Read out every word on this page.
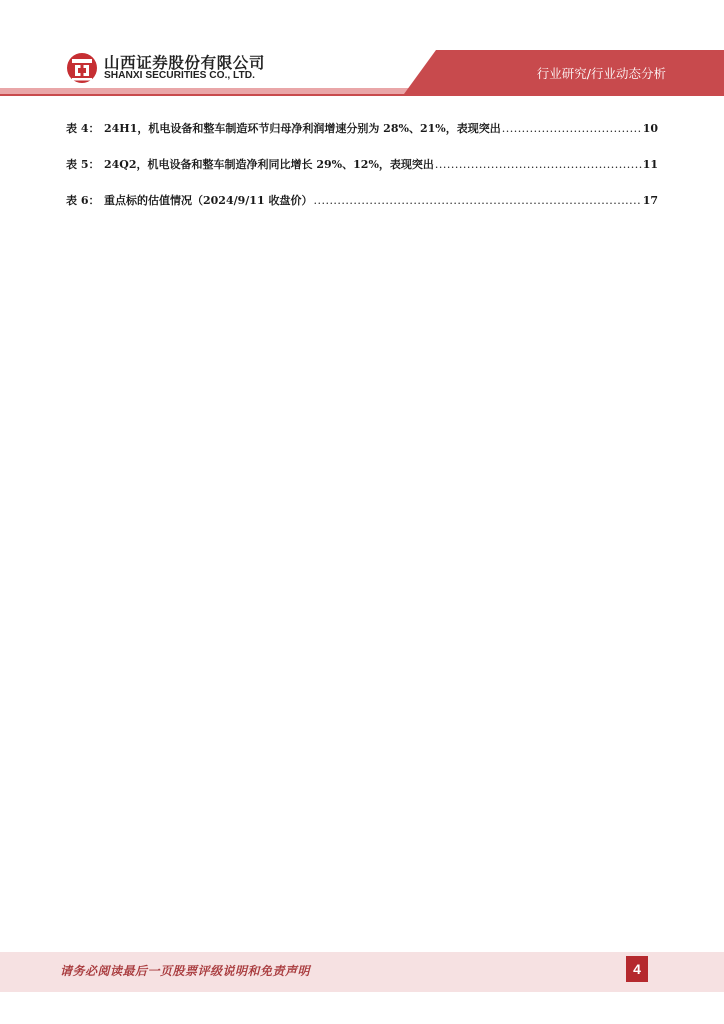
山西证券股份有限公司
SHANXI SECURITIES CO., LTD.	行业研究/行业动态分析
表 4： 24H1，机电设备和整车制造环节归母净利润增速分别为 28%、21%，表现突出 .....	10
表 5： 24Q2，机电设备和整车制造净利同比增长 29%、12%，表现突出 .....	11
表 6： 重点标的估值情况（2024/9/11 收盘价） .....	17
请务必阅读最后一页股票评级说明和免责声明	4
